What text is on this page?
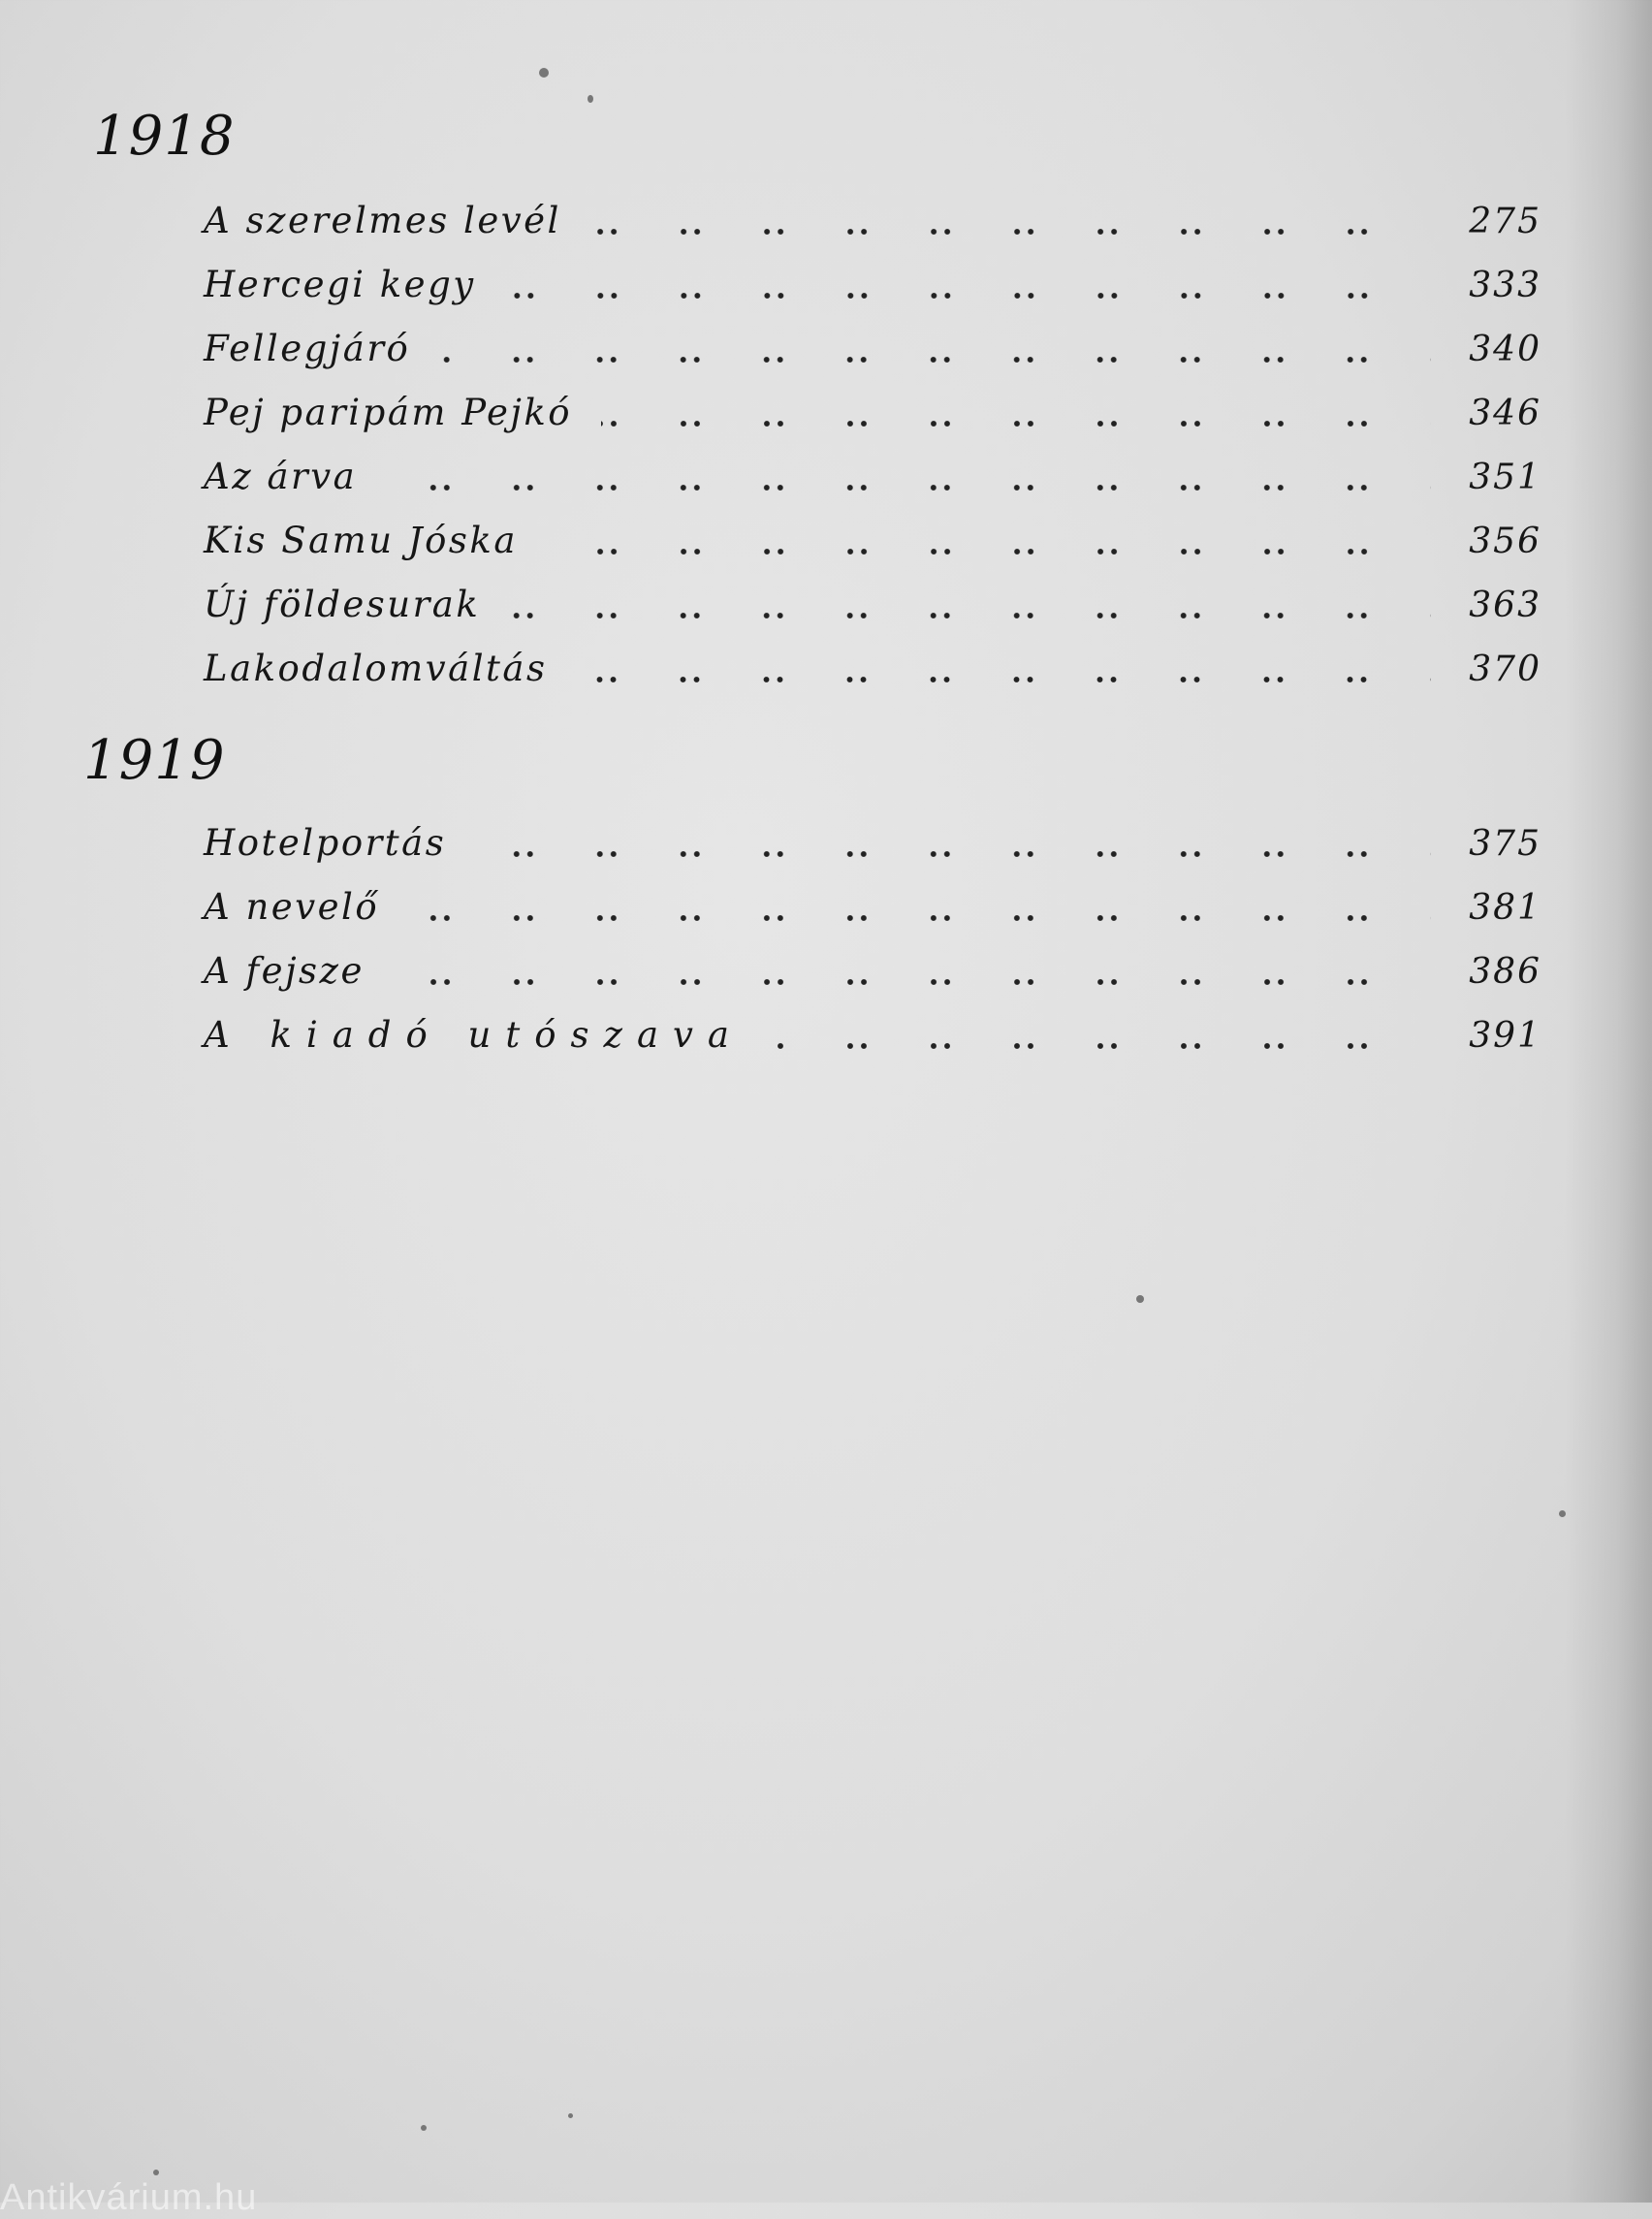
1918
A szerelmes levél	275
Hercegi kegy	333
Fellegjáró	340
Pej paripám Pejkó	346
Az árva	351
Kis Samu Jóska	356
Új földesurak	363
Lakodalomváltás	370
1919
Hotelportás	375
A nevelő	381
A fejsze	386
A kiadó utószava	391
Antikvárium.hu
